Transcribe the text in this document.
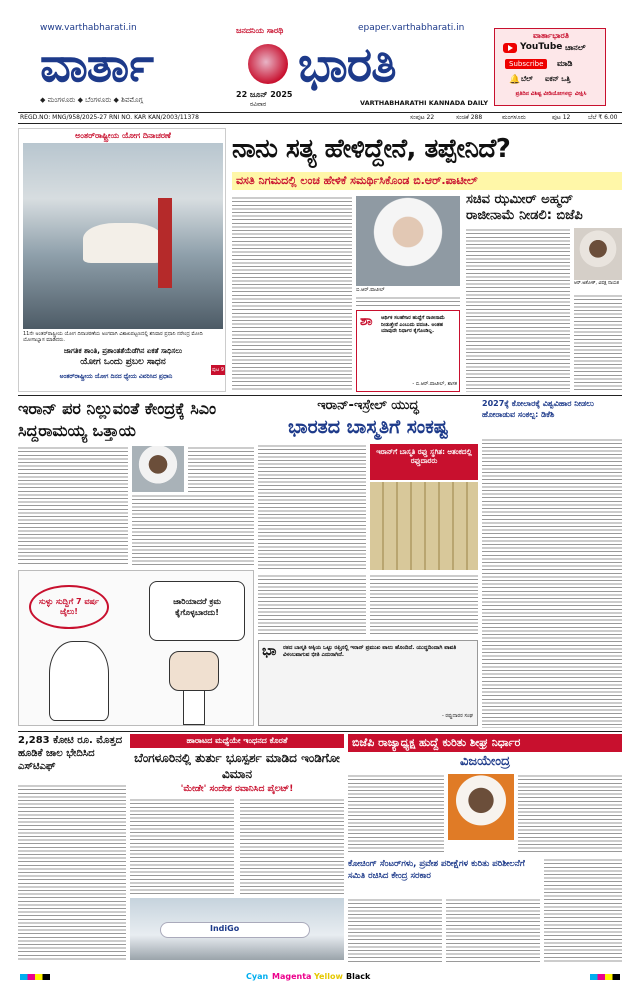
www.varthabharati.in	epaper.varthabharati.in
ಜನದನಿಯ ಸಾರಥಿ
ವಾರ್ತಾ	ಭಾರತಿ
◆ ಮಂಗಳೂರು ◆ ಬೆಂಗಳೂರು ◆ ಶಿವಮೊಗ್ಗ
22 ಜೂನ್ 2025
ರವಿವಾರ	VARTHABHARATHI KANNADA DAILY
ವಾರ್ತಾಭಾರತಿ
YouTube ಚಾನಲ್
Subscribe	ಮಾಡಿ
🔔 ಬೆಲ್ ಐಕನ್ ಒತ್ತಿ
ಪ್ರತಿದಿನ ವಿಶಿಷ್ಟ ವೀಡಿಯೋಗಳನ್ನು ವೀಕ್ಷಿಸಿ
REGD.NO: MNG/958/2025-27 RNI NO. KAR KAN/2003/11378	ಸಂಪುಟ 22	ಸಂಚಿಕೆ 288	ಮಂಗಳೂರು	ಪುಟ 12	ಬೆಲೆ ₹ 6.00
ಅಂತರ್‌ರಾಷ್ಟ್ರೀಯ ಯೋಗ ದಿನಾಚರಣೆ
11ನೇ ಅಂತರ್‌ರಾಷ್ಟ್ರೀಯ ಯೋಗ ದಿನಾಚರಣೆಯ ಅಂಗವಾಗಿ ವಿಶಾಖಪಟ್ಟಣದಲ್ಲಿ ಶನಿವಾರ ಪ್ರಧಾನಿ ನರೇಂದ್ರ ಮೋದಿ ಯೋಗಾಭ್ಯಾಸ ಮಾಡಿದರು.
ಜಾಗತಿಕ ಶಾಂತಿ, ಪ್ರಶಾಂತತೆಯೆಡೆಗಿನ ಏಕತೆ ಸಾಧಿಸಲು
ಯೋಗ ಒಂದು ಪ್ರಬಲ ಸಾಧನ
ಅಂತರ್‌ರಾಷ್ಟ್ರೀಯ ಯೋಗ ದಿನದ ಧ್ಯೇಯ ವಿವರಿಸಿದ ಪ್ರಧಾನಿ
ಪುಟ 9
ನಾನು ಸತ್ಯ ಹೇಳಿದ್ದೇನೆ, ತಪ್ಪೇನಿದೆ?
ವಸತಿ ನಿಗಮದಲ್ಲಿ ಲಂಚ ಹೇಳಿಕೆ ಸಮರ್ಥಿಸಿಕೊಂಡ ಬಿ.ಆರ್.ಪಾಟೀಲ್
ಬಿ.ಆರ್.ಪಾಟೀಲ್
ಶಾ ಆರ್ಥಿಕ ಸಲಹೆಗಾರ ಹುದ್ದೆಗೆ ರಾಜೀನಾಮೆ ನೀಡುತ್ತೇನೆ ಎಂಬುದು ವದಂತಿ. ಅಂತಹ ಯಾವುದೇ ನಿರ್ಧಾರ ಕೈಗೊಂಡಿಲ್ಲ.
- ಬಿ.ಆರ್.ಪಾಟೀಲ್, ಶಾಸಕ
ಸಚಿವ ಝಮೀರ್ ಅಹ್ಮದ್ ರಾಜೀನಾಮೆ ನೀಡಲಿ: ಬಿಜೆಪಿ
ಆರ್.ಅಶೋಕ್, ವಿಪಕ್ಷ ನಾಯಕ
ಇರಾನ್ ಪರ ನಿಲ್ಲುವಂತೆ ಕೇಂದ್ರಕ್ಕೆ ಸಿಎಂ ಸಿದ್ದರಾಮಯ್ಯ ಒತ್ತಾಯ
ಸುಳ್ಳು ಸುದ್ದಿಗೆ 7 ವರ್ಷ ಜೈಲು!
ಜಾರಿಯಾದರೆ ಕ್ರಮ ಕೈಗೊಳ್ಳಬಾರದು!
ಇರಾನ್-ಇಸ್ರೇಲ್ ಯುದ್ಧ
ಭಾರತದ ಬಾಸ್ಮತಿಗೆ ಸಂಕಷ್ಟ
ಇರಾನ್‌ಗೆ ಬಾಸ್ಮತಿ ರಫ್ತು ಸ್ಥಗಿತ: ಆತಂಕದಲ್ಲಿ ರಫ್ತುದಾರರು
ಭಾ ರತದ ಬಾಸ್ಮತಿ ಅಕ್ಕಿಯ ಒಟ್ಟು ರಫ್ತಿನಲ್ಲಿ ಇರಾನ್ ಪ್ರಮುಖ ಪಾಲು ಹೊಂದಿದೆ. ಯುದ್ಧದಿಂದಾಗಿ ಪಾವತಿ ವಿಳಂಬವಾಗುವ ಭೀತಿ ಎದುರಾಗಿದೆ.
- ರಫ್ತುದಾರರ ಸಂಘ
2027ಕ್ಕೆ ಕೋಲಾರಕ್ಕೆ ವಿಶ್ವವಿಹಾರ ನೀಡಲು ಹೋರಾಡುವ ಸಂಕಲ್ಪ: ಡಿಕೆಶಿ
2,283 ಕೋಟಿ ರೂ. ಮೊತ್ತದ ಹೂಡಿಕೆ ಜಾಲ ಭೇದಿಸಿದ ಎಸ್‌ಟಿಎಫ್
ಹಾರಾಟದ ಮಧ್ಯೆಯೇ ಇಂಧನದ ಕೊರತೆ
ಬೆಂಗಳೂರಿನಲ್ಲಿ ತುರ್ತು ಭೂಸ್ಪರ್ಶ ಮಾಡಿದ ಇಂಡಿಗೋ ವಿಮಾನ
'ಮೇಡೇ' ಸಂದೇಶ ರವಾನಿಸಿದ ಪೈಲಟ್!
IndiGo
ಬಿಜೆಪಿ ರಾಜ್ಯಾಧ್ಯಕ್ಷ ಹುದ್ದೆ ಕುರಿತು ಶೀಘ್ರ ನಿರ್ಧಾರ
ವಿಜಯೇಂದ್ರ
ಕೋಚಿಂಗ್ ಸೆಂಟರ್‌ಗಳು, ಪ್ರವೇಶ ಪರೀಕ್ಷೆಗಳ ಕುರಿತು ಪರಿಶೀಲನೆಗೆ ಸಮಿತಿ ರಚಿಸಿದ ಕೇಂದ್ರ ಸರಕಾರ
Cyan Magenta Yellow Black
